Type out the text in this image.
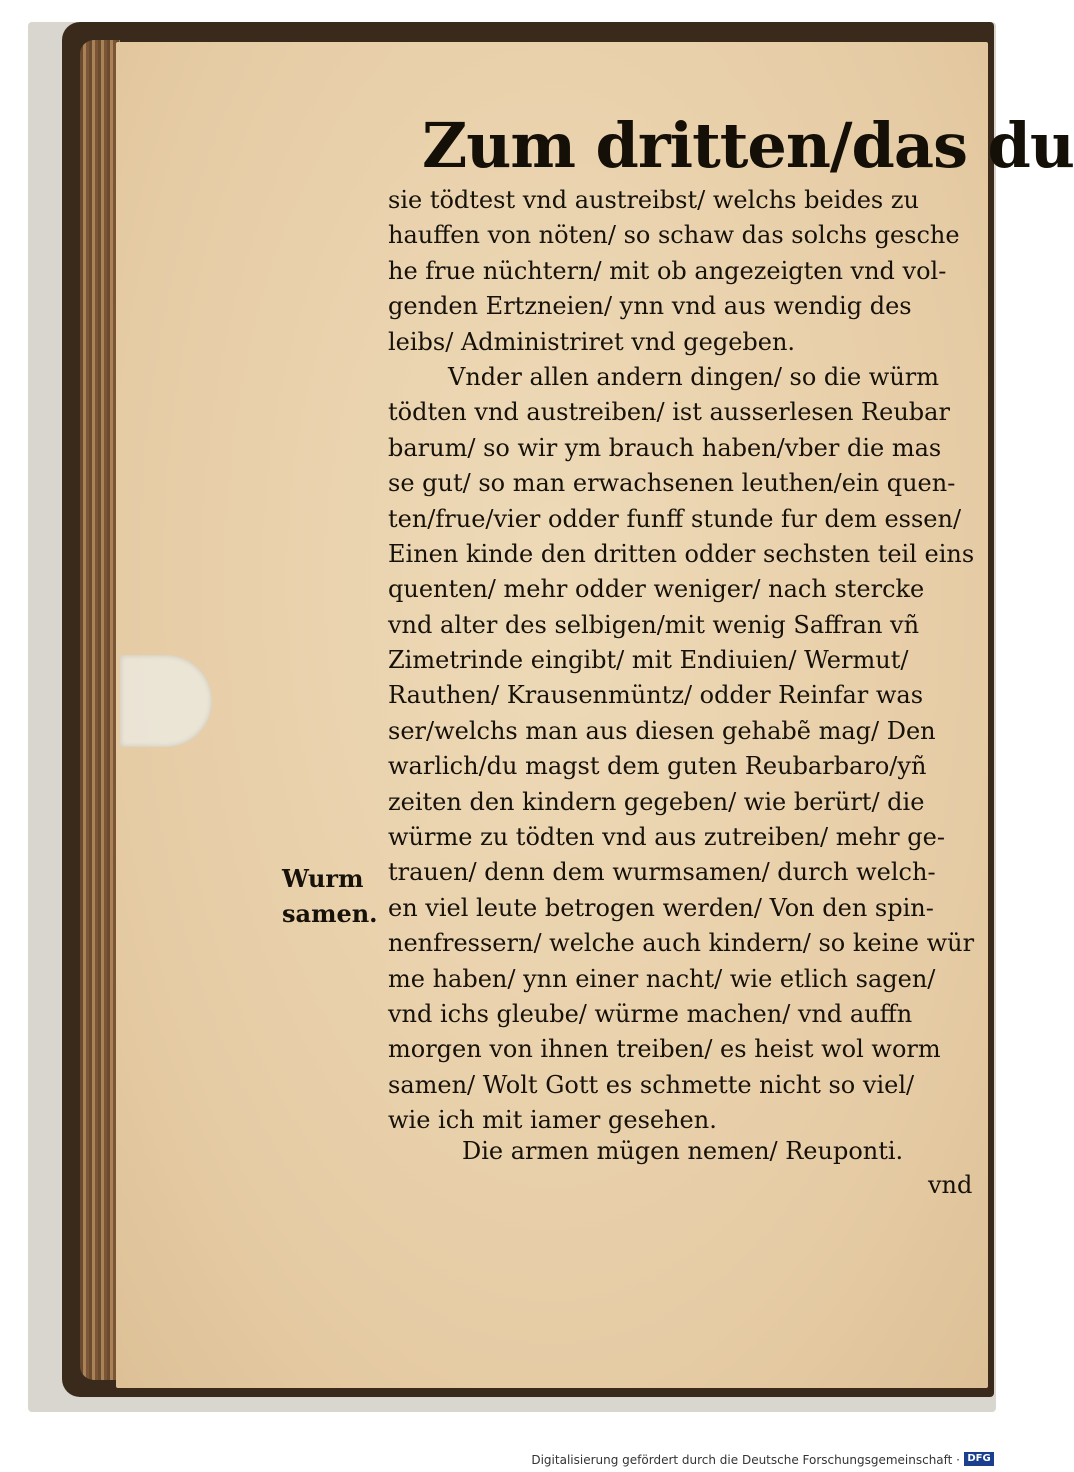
Zum dritten/das du
sie tödtest vnd austreibst/ welchs beides zu
hauffen von nöten/ so schaw das solchs gesche
he frue nüchtern/ mit ob angezeigten vnd vol-
genden Ertzneien/ ynn vnd aus wendig des
leibs/ Administriret vnd gegeben.
Vnder allen andern dingen/ so die würm
tödten vnd austreiben/ ist ausserlesen Reubar
barum/ so wir ym brauch haben/vber die mas
se gut/ so man erwachsenen leuthen/ein quen-
ten/frue/vier odder funff stunde fur dem essen/
Einen kinde den dritten odder sechsten teil eins
quenten/ mehr odder weniger/ nach stercke
vnd alter des selbigen/mit wenig Saffran vñ
Zimetrinde eingibt/ mit Endiuien/ Wermut/
Rauthen/ Krausenmüntz/ odder Reinfar was
ser/welchs man aus diesen gehabẽ mag/ Den
warlich/du magst dem guten Reubarbaro/yñ
zeiten den kindern gegeben/ wie berürt/ die
würme zu tödten vnd aus zutreiben/ mehr ge-
trauen/ denn dem wurmsamen/ durch welch-
en viel leute betrogen werden/ Von den spin-
nenfressern/ welche auch kindern/ so keine wür
me haben/ ynn einer nacht/ wie etlich sagen/
vnd ichs gleube/ würme machen/ vnd auffn
morgen von ihnen treiben/ es heist wol worm
samen/ Wolt Gott es schmette nicht so viel/
wie ich mit iamer gesehen.
Wurm
samen.
Die armen mügen nemen/ Reuponti.
vnd
Digitalisierung gefördert durch die Deutsche Forschungsgemeinschaft · DFG
